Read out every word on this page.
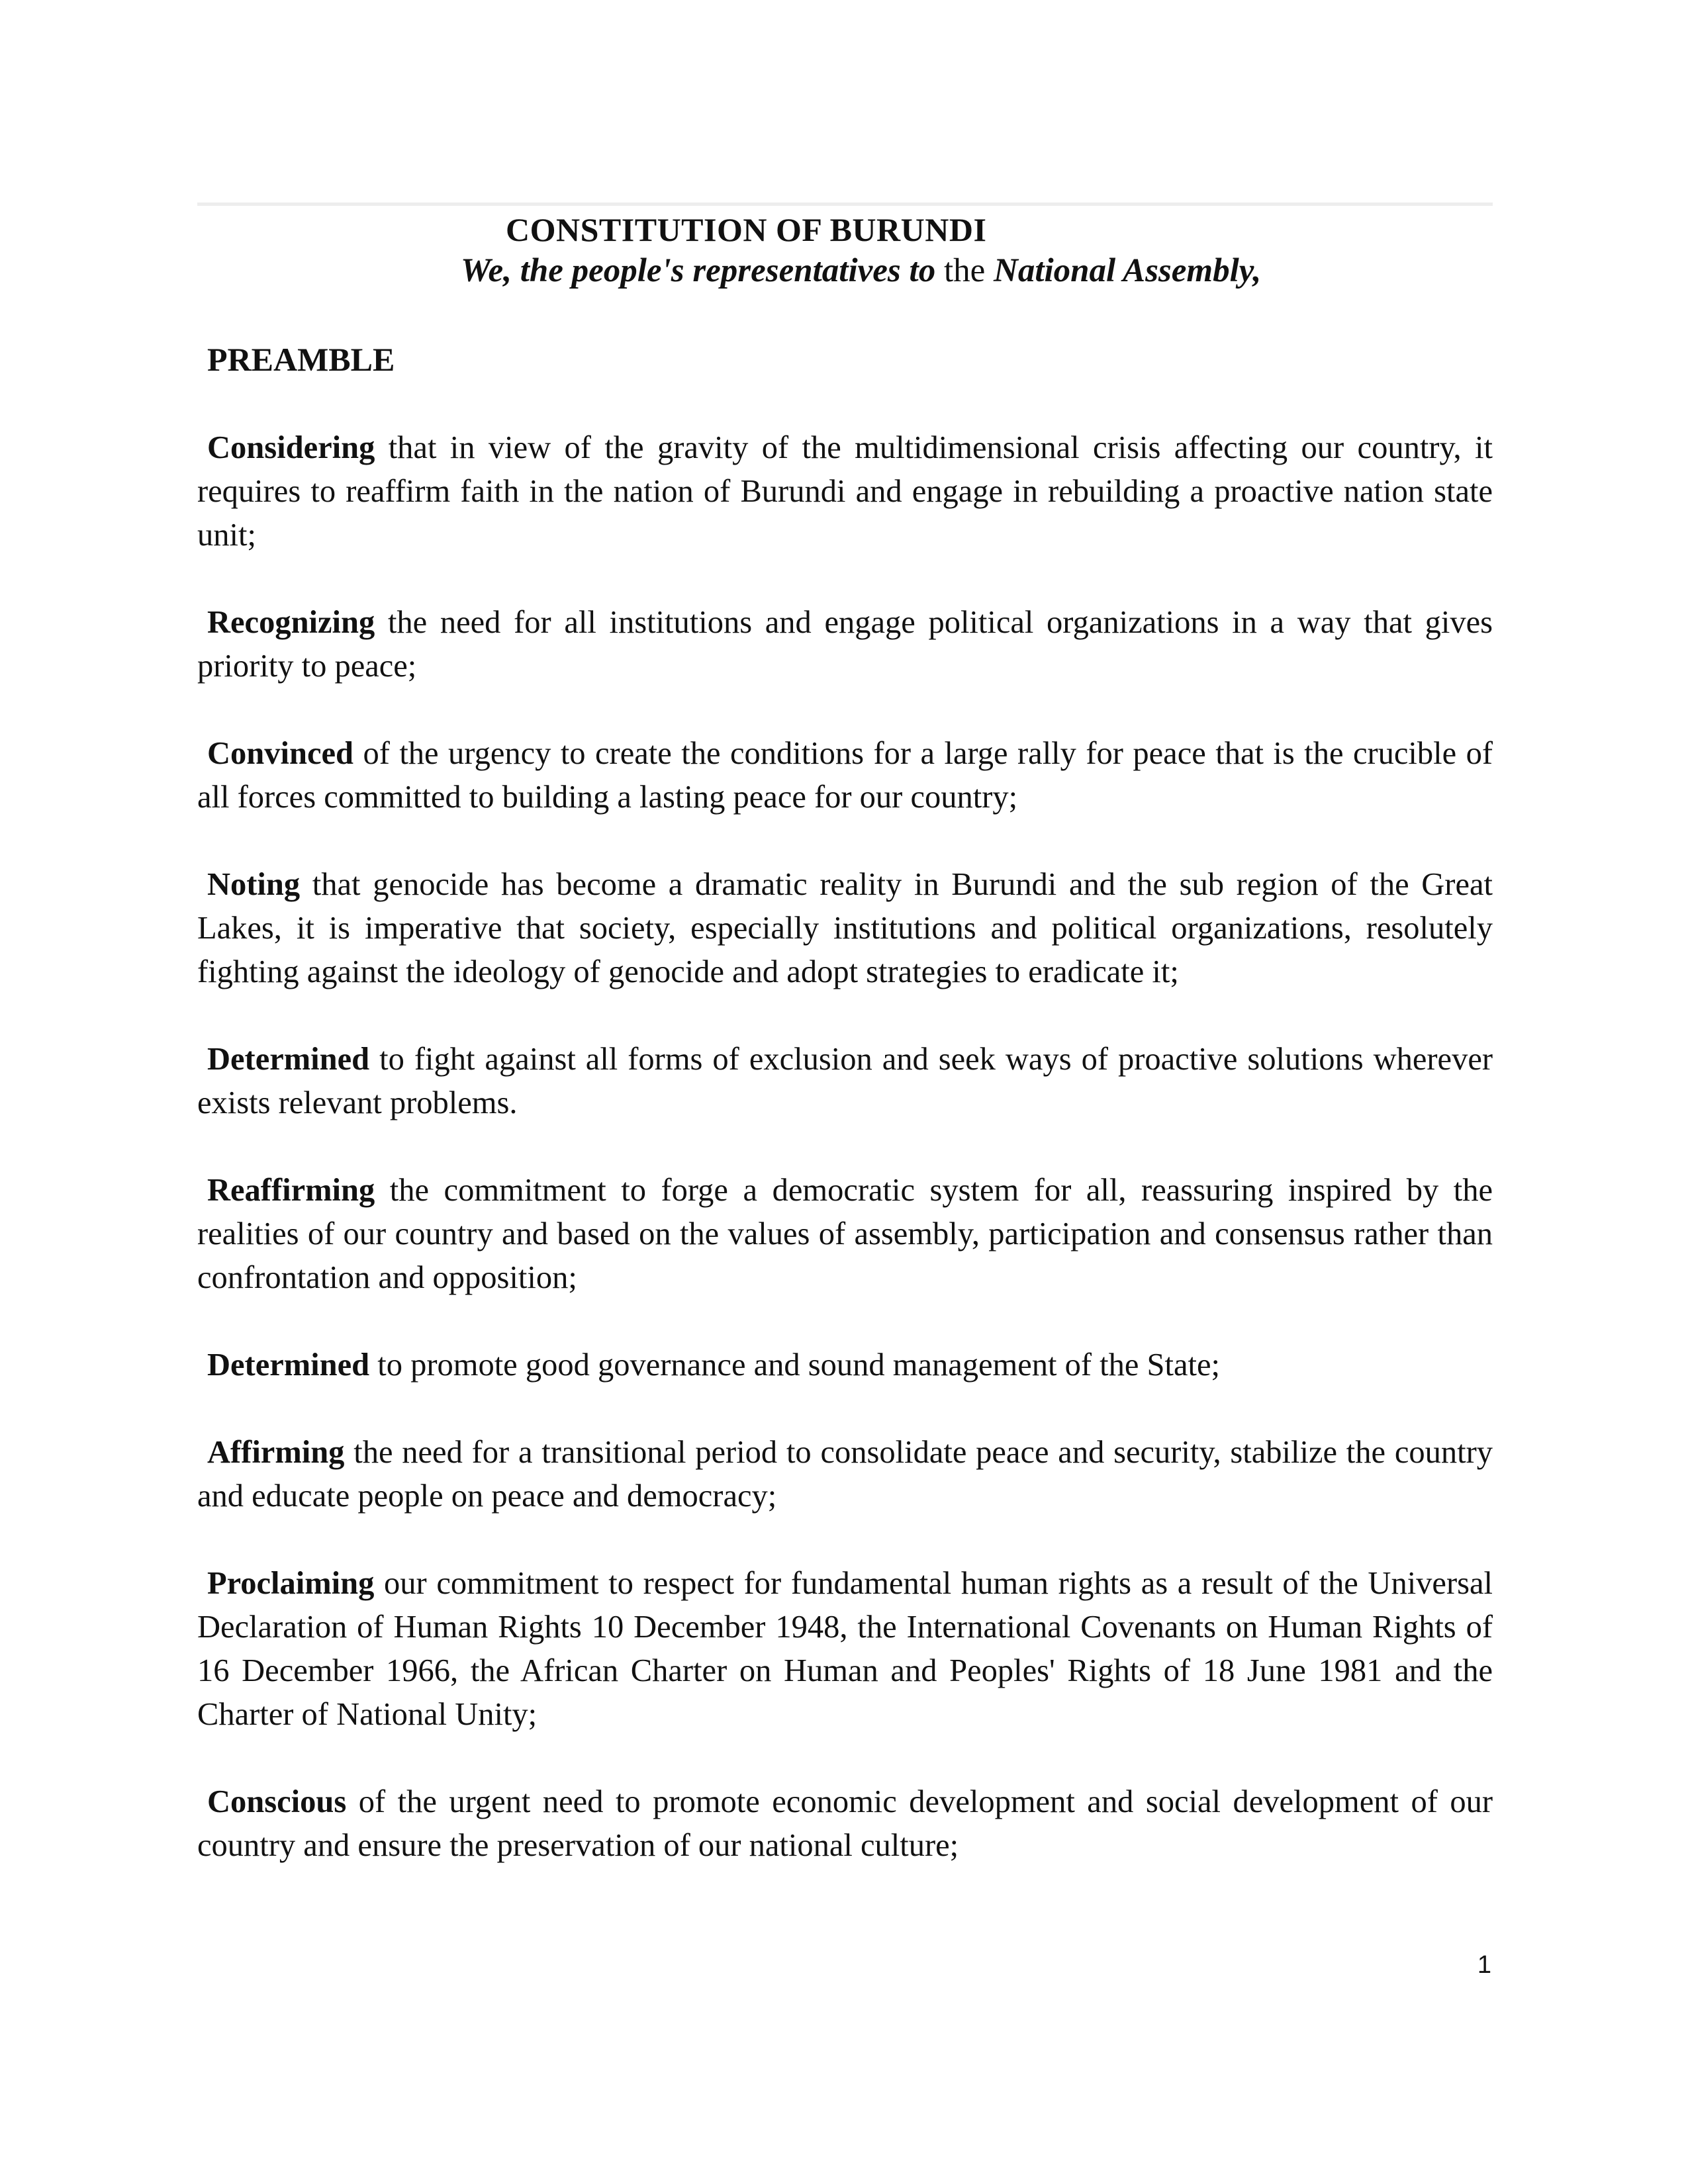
CONSTITUTION OF BURUNDI

We, the people's representatives to the National Assembly,

PREAMBLE

Considering that in view of the gravity of the multidimensional crisis affecting our country, it requires to reaffirm faith in the nation of Burundi and engage in rebuilding a proactive nation state unit;

Recognizing the need for all institutions and engage political organizations in a way that gives priority to peace;

Convinced of the urgency to create the conditions for a large rally for peace that is the crucible of all forces committed to building a lasting peace for our country;

Noting that genocide has become a dramatic reality in Burundi and the sub region of the Great Lakes, it is imperative that society, especially institutions and political organizations, resolutely fighting against the ideology of genocide and adopt strategies to eradicate it;

Determined to fight against all forms of exclusion and seek ways of proactive solutions wherever exists relevant problems.

Reaffirming the commitment to forge a democratic system for all, reassuring inspired by the realities of our country and based on the values of assembly, participation and consensus rather than confrontation and opposition;

Determined to promote good governance and sound management of the State;

Affirming the need for a transitional period to consolidate peace and security, stabilize the country and educate people on peace and democracy;

Proclaiming our commitment to respect for fundamental human rights as a result of the Universal Declaration of Human Rights 10 December 1948, the International Covenants on Human Rights of 16 December 1966, the African Charter on Human and Peoples' Rights of 18 June 1981 and the Charter of National Unity;

Conscious of the urgent need to promote economic development and social development of our country and ensure the preservation of our national culture;

1
